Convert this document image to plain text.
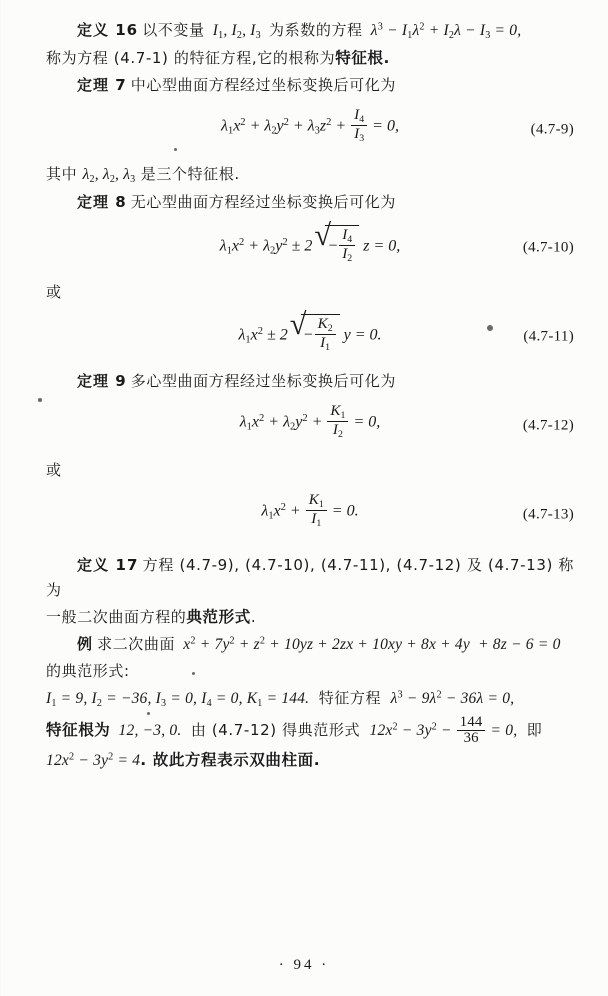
定义 16 以不变量 $I_1$, $I_2$, $I_3$ 为系数的方程  $\lambda^3 - I_1\lambda^2 + I_2\lambda - I_3 = 0$,

称为方程 (4.7-1) 的特征方程,它的根称为特征根.

定理 7 中心型曲面方程经过坐标变换后可化为

$\lambda_1x^2 + \lambda_2y^2 + \lambda_3z^2 + \frac{I_4}{I_3} = 0$,	(4.7-9)

其中 $\lambda_2$, $\lambda_2$, $\lambda_3$ 是三个特征根.

定理 8 无心型曲面方程经过坐标变换后可化为

$\lambda_1x^2 + \lambda_2y^2 \pm 2$ √ − $\frac{I_4}{I_2}$ z = 0,	(4.7-10)

或

$\lambda_1x^2 \pm 2$ √ − $\frac{K_2}{I_1}$ y = 0.	(4.7-11)

定理 9 多心型曲面方程经过坐标变换后可化为

$\lambda_1x^2 + \lambda_2y^2 + \frac{K_1}{I_2} = 0$,	(4.7-12)

或

$\lambda_1x^2 + \frac{K_1}{I_1} = 0$.	(4.7-13)

定义 17 方程 (4.7-9), (4.7-10), (4.7-11), (4.7-12) 及 (4.7-13) 称为

一般二次曲面方程的典范形式.

例 求二次曲面 $x^2 + 7y^2 + z^2 + 10yz + 2zx + 10xy + 8x + 4y + 8z - 6 = 0$

的典范形式:

$I_1 = 9$, $I_2 = -36$, $I_3 = 0$, $I_4 = 0$, $K_1 = 144$.  特征方程  $\lambda^3 - 9\lambda^2 - 36\lambda = 0$,

特征根为  12, −3, 0.  由 (4.7-12) 得典范形式  $12x^2 - 3y^2 - \frac{144}{36} = 0$,  即

$12x^2 - 3y^2 = 4$. 故此方程表示双曲柱面.

· 94 ·
